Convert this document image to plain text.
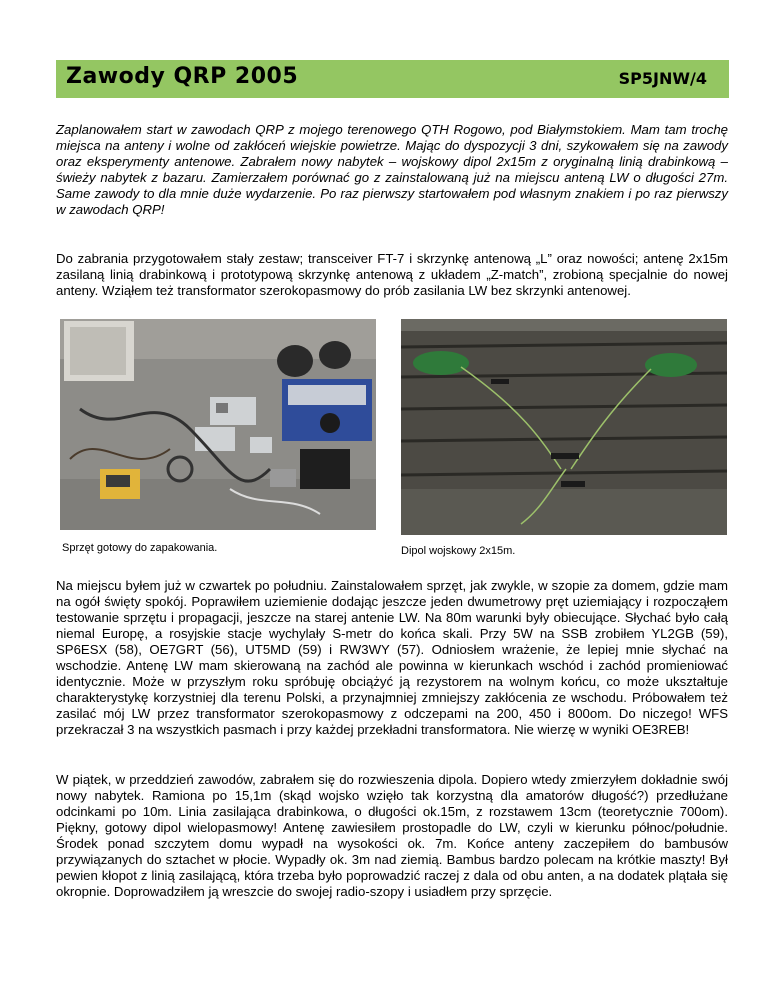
Zawody QRP 2005	SP5JNW/4

Zaplanowałem start w zawodach QRP z mojego terenowego QTH Rogowo, pod Białymstokiem. Mam tam trochę miejsca na anteny i wolne od zakłóceń wiejskie powietrze. Mając do dyspozycji 3 dni, szykowałem się na zawody oraz eksperymenty antenowe. Zabrałem nowy nabytek – wojskowy dipol 2x15m z oryginalną linią drabinkową – świeży nabytek z bazaru. Zamierzałem porównać go z zainstalowaną już na miejscu anteną LW o długości 27m. Same zawody to dla mnie duże wydarzenie. Po raz pierwszy startowałem pod własnym znakiem i po raz pierwszy w zawodach QRP!

Do zabrania przygotowałem stały zestaw; transceiver FT-7 i skrzynkę antenową „L” oraz nowości; antenę 2x15m zasilaną linią drabinkową i prototypową skrzynkę antenową z układem „Z-match”, zrobioną specjalnie do nowej anteny. Wziąłem też transformator szerokopasmowy do prób zasilania LW bez skrzynki antenowej.

Sprzęt gotowy do zapakowania.	Dipol wojskowy 2x15m.

Na miejscu byłem już w czwartek po południu. Zainstalowałem sprzęt, jak zwykle, w szopie za domem, gdzie mam na ogół święty spokój. Poprawiłem uziemienie dodając jeszcze jeden dwumetrowy pręt uziemiający i rozpocząłem testowanie sprzętu i propagacji, jeszcze na starej antenie LW. Na 80m warunki były obiecujące. Słychać było całą niemal Europę, a rosyjskie stacje wychylały S-metr do końca skali. Przy 5W na SSB zrobiłem YL2GB (59), SP6ESX (58), OE7GRT (56), UT5MD (59) i RW3WY (57). Odniosłem wrażenie, że lepiej mnie słychać na wschodzie. Antenę LW mam skierowaną na zachód ale powinna w kierunkach wschód i zachód promieniować identycznie. Może w przyszłym roku spróbuję obciążyć ją rezystorem na wolnym końcu, co może ukształtuje charakterystykę korzystniej dla terenu Polski, a przynajmniej zmniejszy zakłócenia ze wschodu. Próbowałem też zasilać mój LW przez transformator szerokopasmowy z odczepami na 200, 450 i 800om. Do niczego! WFS przekraczał 3 na wszystkich pasmach i przy każdej przekładni transformatora. Nie wierzę w wyniki OE3REB!

W piątek, w przeddzień zawodów, zabrałem się do rozwieszenia dipola. Dopiero wtedy zmierzyłem dokładnie swój nowy nabytek. Ramiona po 15,1m (skąd wojsko wzięło tak korzystną dla amatorów długość?) przedłużane odcinkami po 10m. Linia zasilająca drabinkowa, o długości ok.15m, z rozstawem 13cm (teoretycznie 700om). Piękny, gotowy dipol wielopasmowy! Antenę zawiesiłem prostopadle do LW, czyli w kierunku północ/południe. Środek ponad szczytem domu wypadł na wysokości ok. 7m. Końce anteny zaczepiłem do bambusów przywiązanych do sztachet w płocie. Wypadły ok. 3m nad ziemią. Bambus bardzo polecam na krótkie maszty! Był pewien kłopot z linią zasilającą, która trzeba było poprowadzić raczej z dala od obu anten, a na dodatek plątała się okropnie. Doprowadziłem ją wreszcie do swojej radio-szopy i usiadłem przy sprzęcie.
